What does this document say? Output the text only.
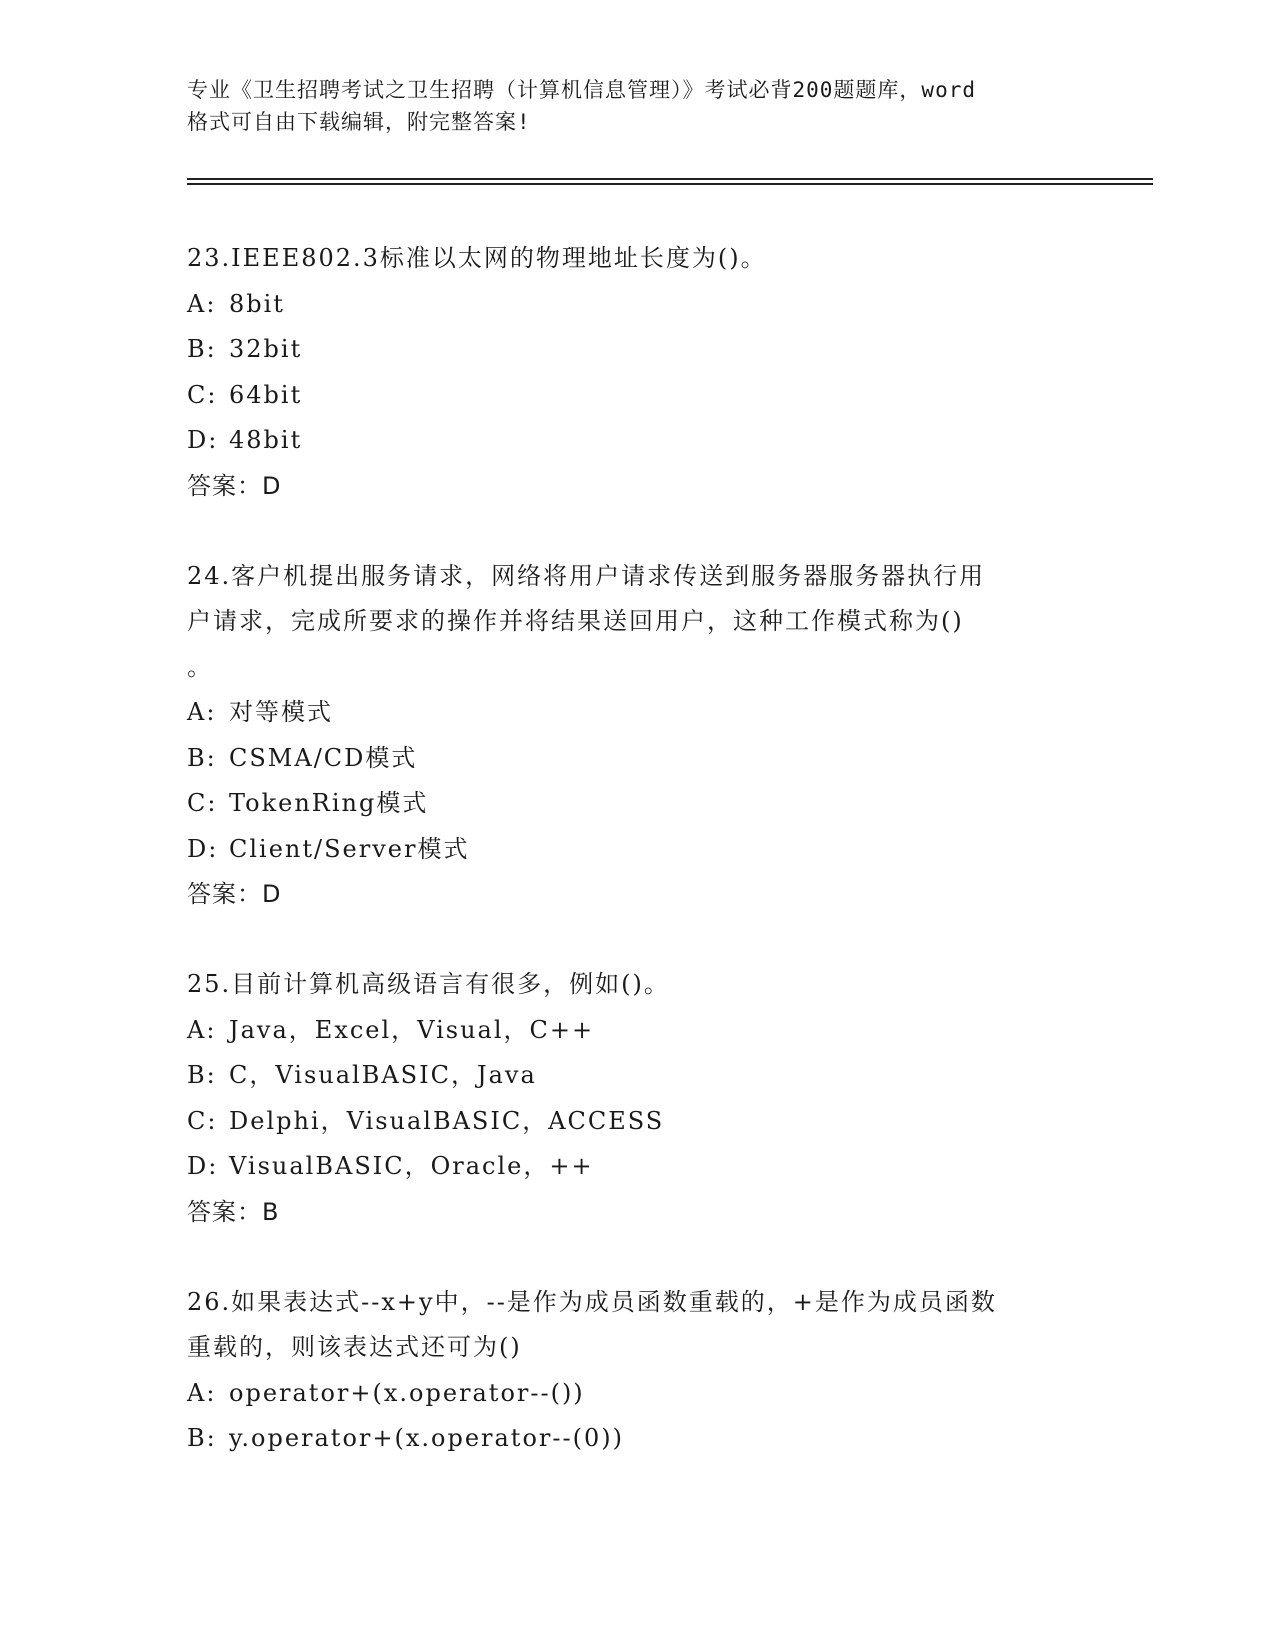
专业《卫生招聘考试之卫生招聘（计算机信息管理）》考试必背200题题库，word
格式可自由下载编辑，附完整答案!
23.IEEE802.3标准以太网的物理地址长度为()。
A: 8bit
B: 32bit
C: 64bit
D: 48bit
答案：D
24.客户机提出服务请求，网络将用户请求传送到服务器服务器执行用
户请求，完成所要求的操作并将结果送回用户，这种工作模式称为()
。
A: 对等模式
B: CSMA/CD模式
C: TokenRing模式
D: Client/Server模式
答案：D
25.目前计算机高级语言有很多，例如()。
A: Java，Excel，Visual，C++
B: C，VisualBASIC，Java
C: Delphi，VisualBASIC，ACCESS
D: VisualBASIC，Oracle，++
答案：B
26.如果表达式--x+y中，--是作为成员函数重载的，+是作为成员函数
重载的，则该表达式还可为()
A: operator+(x.operator--())
B: y.operator+(x.operator--(0))
